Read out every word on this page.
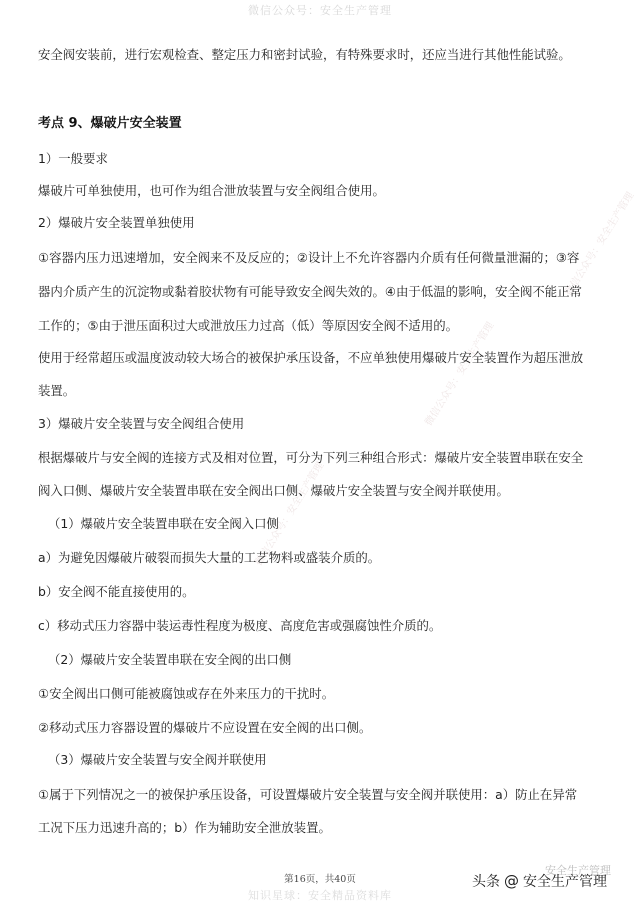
微信公众号：安全生产管理
微信公众号：安全生产管理
微信公众号：安全生产管理
微信公众号：安全生产管理
安全阀安装前，进行宏观检查、整定压力和密封试验，有特殊要求时，还应当进行其他性能试验。
考点 9、爆破片安全装置
1）一般要求
爆破片可单独使用，也可作为组合泄放装置与安全阀组合使用。
2）爆破片安全装置单独使用
①容器内压力迅速增加，安全阀来不及反应的；②设计上不允许容器内介质有任何微量泄漏的；③容
器内介质产生的沉淀物或黏着胶状物有可能导致安全阀失效的。④由于低温的影响，安全阀不能正常
工作的；⑤由于泄压面积过大或泄放压力过高（低）等原因安全阀不适用的。
使用于经常超压或温度波动较大场合的被保护承压设备，不应单独使用爆破片安全装置作为超压泄放
装置。
3）爆破片安全装置与安全阀组合使用
根据爆破片与安全阀的连接方式及相对位置，可分为下列三种组合形式：爆破片安全装置串联在安全
阀入口侧、爆破片安全装置串联在安全阀出口侧、爆破片安全装置与安全阀并联使用。
（1）爆破片安全装置串联在安全阀入口侧
a）为避免因爆破片破裂而损失大量的工艺物料或盛装介质的。
b）安全阀不能直接使用的。
c）移动式压力容器中装运毒性程度为极度、高度危害或强腐蚀性介质的。
（2）爆破片安全装置串联在安全阀的出口侧
①安全阀出口侧可能被腐蚀或存在外来压力的干扰时。
②移动式压力容器设置的爆破片不应设置在安全阀的出口侧。
（3）爆破片安全装置与安全阀并联使用
①属于下列情况之一的被保护承压设备，可设置爆破片安全装置与安全阀并联使用：a）防止在异常
工况下压力迅速升高的；b）作为辅助安全泄放装置。
安全生产管理
第16页，共40页	头条 @ 安全生产管理
知识星球：安全精品资料库
